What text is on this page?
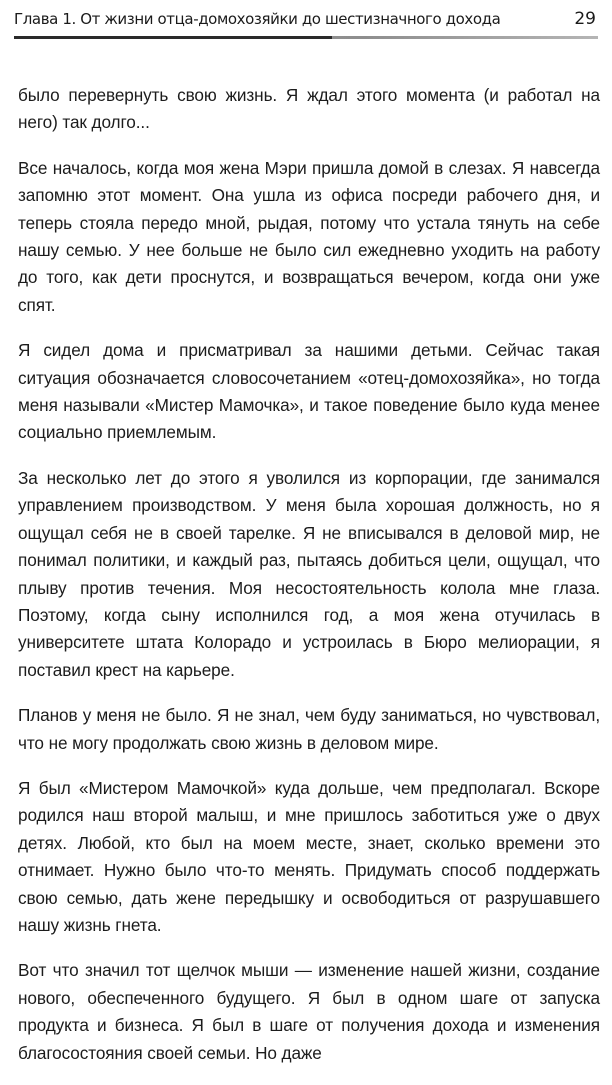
Глава 1. От жизни отца-домохозяйки до шестизначного дохода	29

было перевернуть свою жизнь. Я ждал этого момента (и работал на него) так долго...

Все началось, когда моя жена Мэри пришла домой в слезах. Я навсегда запомню этот момент. Она ушла из офиса посреди рабочего дня, и теперь стояла передо мной, рыдая, потому что устала тянуть на себе нашу семью. У нее больше не было сил ежедневно уходить на работу до того, как дети проснутся, и возвращаться вечером, когда они уже спят.

Я сидел дома и присматривал за нашими детьми. Сейчас такая ситуация обозначается словосочетанием «отец-домохозяйка», но тогда меня называли «Мистер Мамочка», и такое поведение было куда менее социально приемлемым.

За несколько лет до этого я уволился из корпорации, где занимался управлением производством. У меня была хорошая должность, но я ощущал себя не в своей тарелке. Я не вписывался в деловой мир, не понимал политики, и каждый раз, пытаясь добиться цели, ощущал, что плыву против течения. Моя несостоятельность колола мне глаза. Поэтому, когда сыну исполнился год, а моя жена отучилась в университете штата Колорадо и устроилась в Бюро мелиорации, я поставил крест на карьере.

Планов у меня не было. Я не знал, чем буду заниматься, но чувствовал, что не могу продолжать свою жизнь в деловом мире.

Я был «Мистером Мамочкой» куда дольше, чем предполагал. Вскоре родился наш второй малыш, и мне пришлось заботиться уже о двух детях. Любой, кто был на моем месте, знает, сколько времени это отнимает. Нужно было что-то менять. Придумать способ поддержать свою семью, дать жене передышку и освободиться от разрушавшего нашу жизнь гнета.

Вот что значил тот щелчок мыши — изменение нашей жизни, создание нового, обеспеченного будущего. Я был в одном шаге от запуска продукта и бизнеса. Я был в шаге от получения дохода и изменения благосостояния своей семьи. Но даже
